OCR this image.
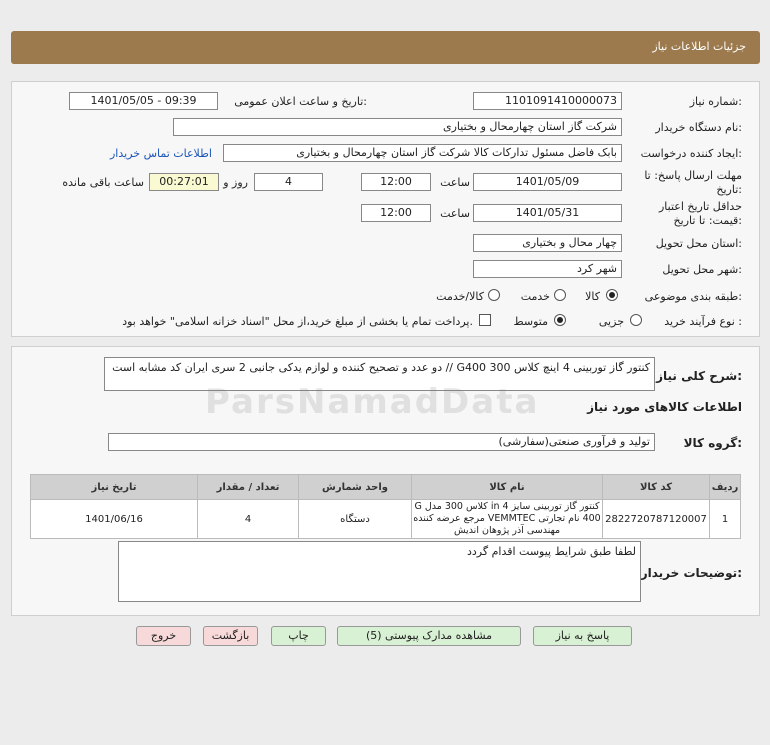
جزئیات اطلاعات نیاز
شماره نیاز:
1101091410000073
تاریخ و ساعت اعلان عمومی:
1401/05/05 - 09:39
نام دستگاه خریدار:
شرکت گاز استان چهارمحال و بختیاری
ایجاد کننده درخواست:
بابک فاضل مسئول تداركات كالا شرکت گاز استان چهارمحال و بختیاری
اطلاعات تماس خریدار
مهلت ارسال پاسخ: تا
تاریخ:
1401/05/09
ساعت
12:00
4
روز و
00:27:01
ساعت باقی مانده
حداقل تاریخ اعتبار
قیمت: تا تاریخ:
1401/05/31
ساعت
12:00
استان محل تحویل:
چهار محال و بختیاری
شهر محل تحویل:
شهر کرد
طبقه بندی موضوعی:
کالا
خدمت
کالا/خدمت
نوع فرآیند خرید :
جزیی
متوسط
پرداخت تمام یا بخشی از مبلغ خرید،از محل "اسناد خزانه اسلامی" خواهد بود.
شرح کلی نیاز:
کنتور گاز توربینی 4 اینچ کلاس 300 G400 // دو عدد و تصحیح کننده و لوازم یدکی جانبی 2 سری ایران کد مشابه است
اطلاعات کالاهای مورد نیاز
گروه کالا:
تولید و فرآوری صنعتی(سفارشی)
ردیف	کد کالا	نام کالا	واحد شمارش	تعداد / مقدار	تاریخ نیاز
1	2822720787120007	کنتور گاز توربینی سایز in 4 کلاس 300 مدل G 400 نام تجارتی VEMMTEC مرجع عرضه کننده مهندسی آذر پژوهان اندیش	دستگاه	4	1401/06/16
توضیحات خریدار:
لطفا طبق شرایط پیوست اقدام گردد
پاسخ به نیاز
مشاهده مدارک پیوستی (5)
چاپ
بازگشت
خروج
